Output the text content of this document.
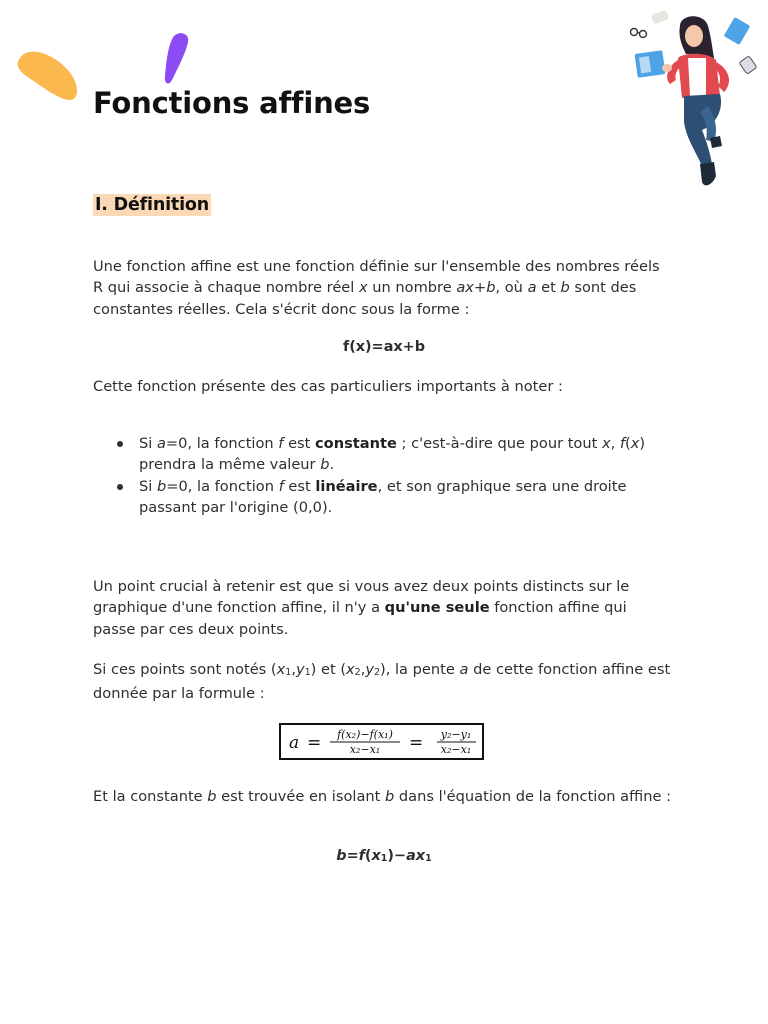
Fonctions affines
I. Définition

Une fonction affine est une fonction définie sur l'ensemble des nombres réels R qui associe à chaque nombre réel x un nombre ax+b, où a et b sont des constantes réelles. Cela s'écrit donc sous la forme :

f(x)=ax+b

Cette fonction présente des cas particuliers importants à noter :

Si a=0, la fonction f est constante ; c'est-à-dire que pour tout x, f(x) prendra la même valeur b.
Si b=0, la fonction f est linéaire, et son graphique sera une droite passant par l'origine (0,0).

Un point crucial à retenir est que si vous avez deux points distincts sur le graphique d'une fonction affine, il n'y a qu'une seule fonction affine qui passe par ces deux points.

Si ces points sont notés $(x_1,y_1)$ et $(x_2,y_2)$, la pente a de cette fonction affine est donnée par la formule :

a = f(x₂)−f(x₁)
x₂−x₁ = y₂−y₁
x₂−x₁

Et la constante b est trouvée en isolant b dans l'équation de la fonction affine :

$b=f(x_1)-ax_1$
